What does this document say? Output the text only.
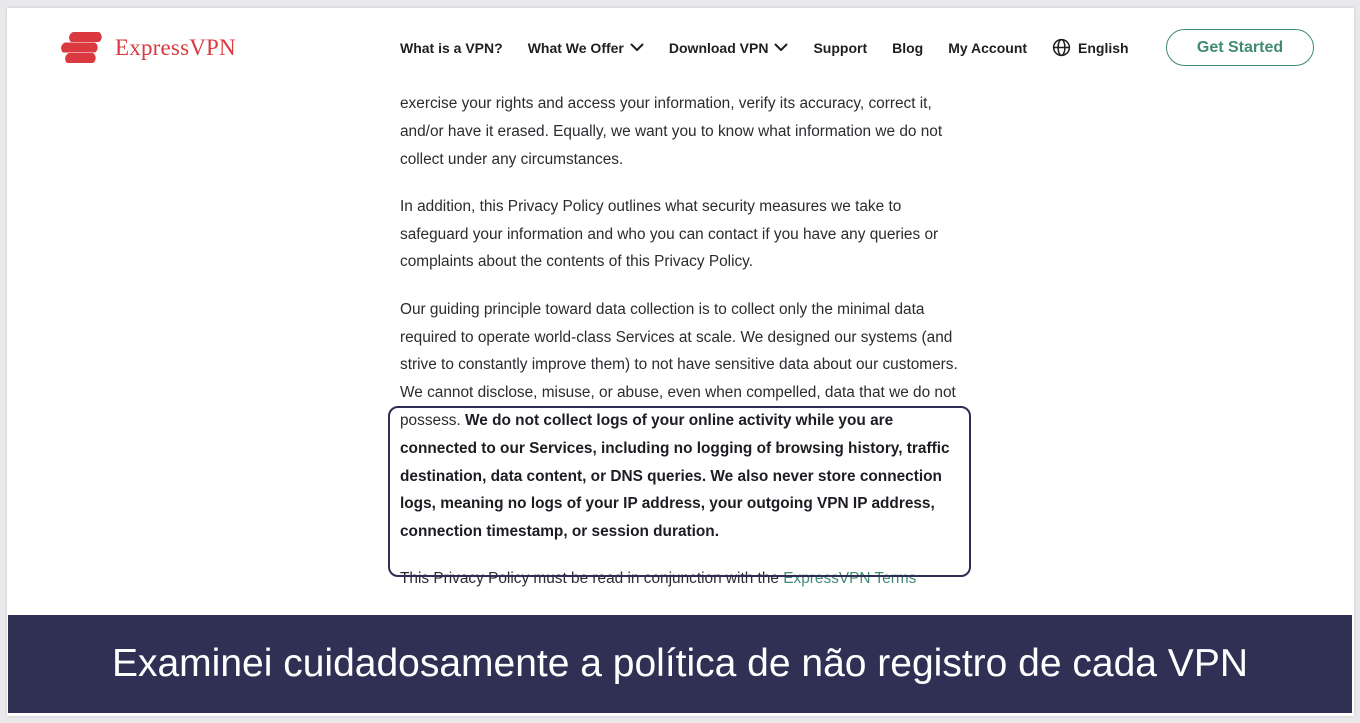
ExpressVPN	What is a VPN? What We Offer	Download VPN	Support Blog My Account	English	Get Started

exercise your rights and access your information, verify its accuracy, correct it, and/or have it erased. Equally, we want you to know what information we do not collect under any circumstances.

In addition, this Privacy Policy outlines what security measures we take to safeguard your information and who you can contact if you have any queries or complaints about the contents of this Privacy Policy.

Our guiding principle toward data collection is to collect only the minimal data required to operate world-class Services at scale. We designed our systems (and strive to constantly improve them) to not have sensitive data about our customers. We cannot disclose, misuse, or abuse, even when compelled, data that we do not possess. We do not collect logs of your online activity while you are connected to our Services, including no logging of browsing history, traffic destination, data content, or DNS queries. We also never store connection logs, meaning no logs of your IP address, your outgoing VPN IP address, connection timestamp, or session duration.

This Privacy Policy must be read in conjunction with the ExpressVPN Terms

Examinei cuidadosamente a política de não registro de cada VPN
